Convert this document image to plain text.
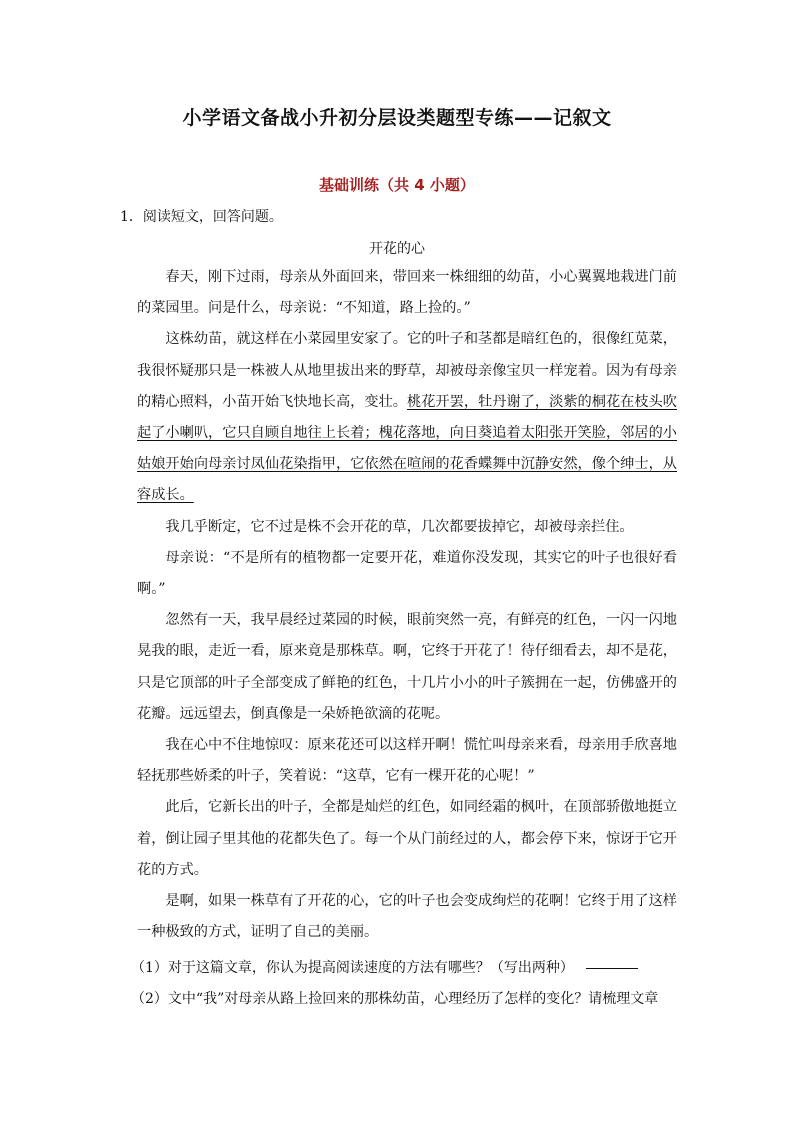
小学语文备战小升初分层设类题型专练——记叙文
基础训练（共 4 小题）
1．阅读短文，回答问题。
开花的心

春天，刚下过雨，母亲从外面回来，带回来一株细细的幼苗，小心翼翼地栽进门前的菜园里。问是什么，母亲说：“不知道，路上捡的。”

这株幼苗，就这样在小菜园里安家了。它的叶子和茎都是暗红色的，很像红苋菜，我很怀疑那只是一株被人从地里拔出来的野草，却被母亲像宝贝一样宠着。因为有母亲的精心照料，小苗开始飞快地长高，变壮。桃花开罢，牡丹谢了，淡紫的桐花在枝头吹起了小喇叭，它只自顾自地往上长着；槐花落地，向日葵追着太阳张开笑脸，邻居的小姑娘开始向母亲讨凤仙花染指甲，它依然在喧闹的花香蝶舞中沉静安然，像个绅士，从容成长。

我几乎断定，它不过是株不会开花的草，几次都要拔掉它，却被母亲拦住。

母亲说：“不是所有的植物都一定要开花，难道你没发现，其实它的叶子也很好看啊。”

忽然有一天，我早晨经过菜园的时候，眼前突然一亮，有鲜亮的红色，一闪一闪地晃我的眼，走近一看，原来竟是那株草。啊，它终于开花了！待仔细看去，却不是花，只是它顶部的叶子全部变成了鲜艳的红色，十几片小小的叶子簇拥在一起，仿佛盛开的花瓣。远远望去，倒真像是一朵娇艳欲滴的花呢。

我在心中不住地惊叹：原来花还可以这样开啊！慌忙叫母亲来看，母亲用手欣喜地轻抚那些娇柔的叶子，笑着说：“这草，它有一棵开花的心呢！”

此后，它新长出的叶子，全都是灿烂的红色，如同经霜的枫叶，在顶部骄傲地挺立着，倒让园子里其他的花都失色了。每一个从门前经过的人，都会停下来，惊讶于它开花的方式。

是啊，如果一株草有了开花的心，它的叶子也会变成绚烂的花啊！它终于用了这样一种极致的方式，证明了自己的美丽。

（1）对于这篇文章，你认为提高阅读速度的方法有哪些？（写出两种）
（2）文中“我”对母亲从路上捡回来的那株幼苗，心理经历了怎样的变化？请梳理文章
